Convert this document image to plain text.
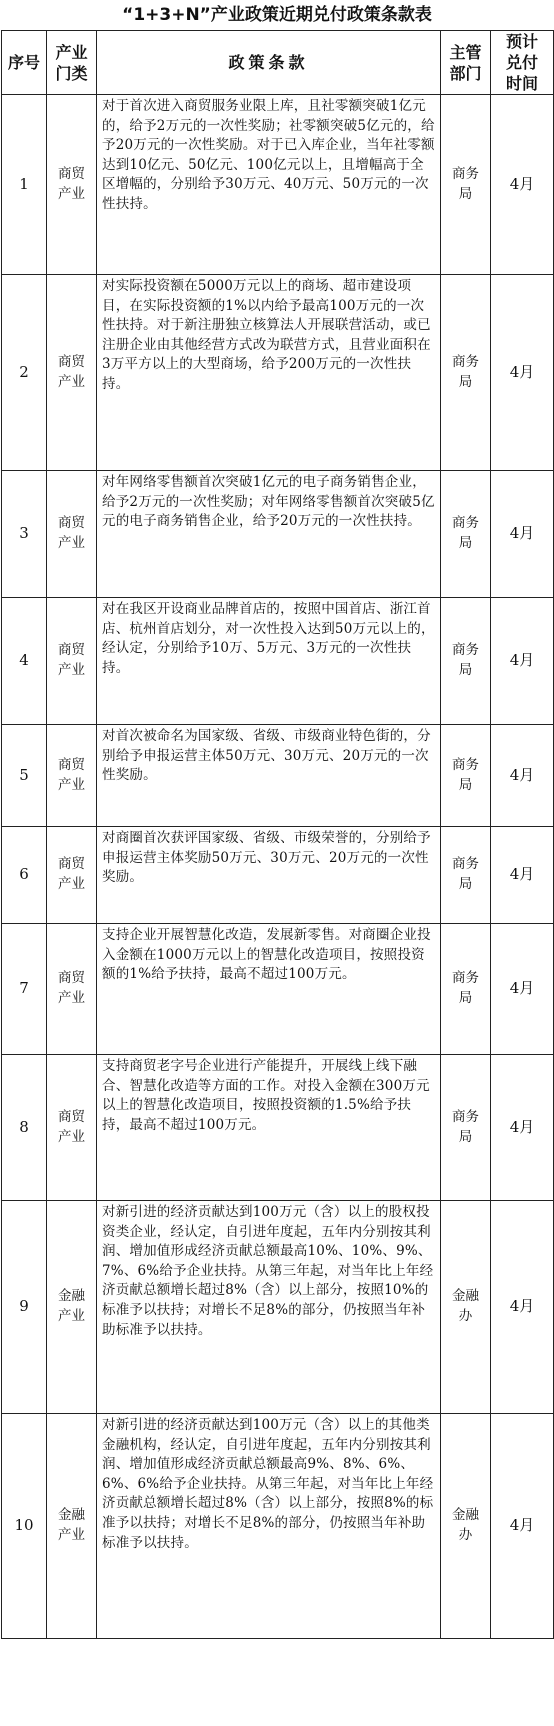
“1+3+N”产业政策近期兑付政策条款表
序号	产业门类	政策条款	主管部门	预计兑付时间
1	商贸产业	对于首次进入商贸服务业限上库，且社零额突破1亿元的，给予2万元的一次性奖励；社零额突破5亿元的，给予20万元的一次性奖励。对于已入库企业，当年社零额达到10亿元、50亿元、100亿元以上，且增幅高于全区增幅的，分别给予30万元、40万元、50万元的一次性扶持。	商务局	4月
2	商贸产业	对实际投资额在5000万元以上的商场、超市建设项目，在实际投资额的1%以内给予最高100万元的一次性扶持。对于新注册独立核算法人开展联营活动，或已注册企业由其他经营方式改为联营方式，且营业面积在3万平方以上的大型商场，给予200万元的一次性扶持。	商务局	4月
3	商贸产业	对年网络零售额首次突破1亿元的电子商务销售企业，给予2万元的一次性奖励；对年网络零售额首次突破5亿元的电子商务销售企业，给予20万元的一次性扶持。	商务局	4月
4	商贸产业	对在我区开设商业品牌首店的，按照中国首店、浙江首店、杭州首店划分，对一次性投入达到50万元以上的，经认定，分别给予10万、5万元、3万元的一次性扶持。	商务局	4月
5	商贸产业	对首次被命名为国家级、省级、市级商业特色街的，分别给予申报运营主体50万元、30万元、20万元的一次性奖励。	商务局	4月
6	商贸产业	对商圈首次获评国家级、省级、市级荣誉的，分别给予申报运营主体奖励50万元、30万元、20万元的一次性奖励。	商务局	4月
7	商贸产业	支持企业开展智慧化改造，发展新零售。对商圈企业投入金额在1000万元以上的智慧化改造项目，按照投资额的1%给予扶持，最高不超过100万元。	商务局	4月
8	商贸产业	支持商贸老字号企业进行产能提升，开展线上线下融合、智慧化改造等方面的工作。对投入金额在300万元以上的智慧化改造项目，按照投资额的1.5%给予扶持，最高不超过100万元。	商务局	4月
9	金融产业	对新引进的经济贡献达到100万元（含）以上的股权投资类企业，经认定，自引进年度起，五年内分别按其利润、增加值形成经济贡献总额最高10%、10%、9%、7%、6%给予企业扶持。从第三年起，对当年比上年经济贡献总额增长超过8%（含）以上部分，按照10%的标准予以扶持；对增长不足8%的部分，仍按照当年补助标准予以扶持。	金融办	4月
10	金融产业	对新引进的经济贡献达到100万元（含）以上的其他类金融机构，经认定，自引进年度起，五年内分别按其利润、增加值形成经济贡献总额最高9%、8%、6%、6%、6%给予企业扶持。从第三年起，对当年比上年经济贡献总额增长超过8%（含）以上部分，按照8%的标准予以扶持；对增长不足8%的部分，仍按照当年补助标准予以扶持。	金融办	4月
